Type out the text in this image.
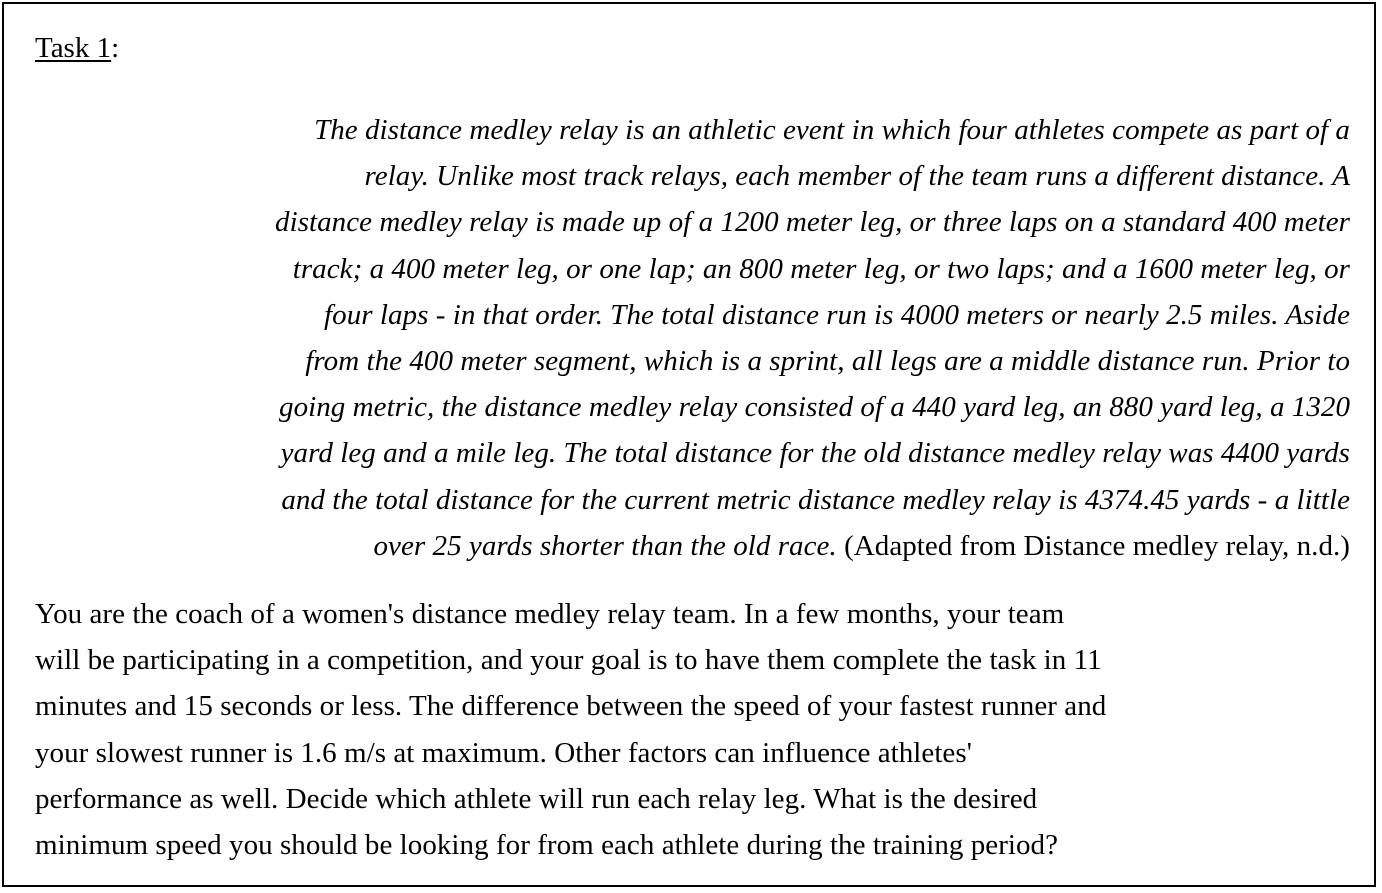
Task 1:
The distance medley relay is an athletic event in which four athletes compete as part of a
relay. Unlike most track relays, each member of the team runs a different distance. A
distance medley relay is made up of a 1200 meter leg, or three laps on a standard 400 meter
track; a 400 meter leg, or one lap; an 800 meter leg, or two laps; and a 1600 meter leg, or
four laps - in that order. The total distance run is 4000 meters or nearly 2.5 miles. Aside
from the 400 meter segment, which is a sprint, all legs are a middle distance run. Prior to
going metric, the distance medley relay consisted of a 440 yard leg, an 880 yard leg, a 1320
yard leg and a mile leg. The total distance for the old distance medley relay was 4400 yards
and the total distance for the current metric distance medley relay is 4374.45 yards - a little
over 25 yards shorter than the old race. (Adapted from Distance medley relay, n.d.)
You are the coach of a women's distance medley relay team. In a few months, your team
will be participating in a competition, and your goal is to have them complete the task in 11
minutes and 15 seconds or less. The difference between the speed of your fastest runner and
your slowest runner is 1.6 m/s at maximum. Other factors can influence athletes'
performance as well. Decide which athlete will run each relay leg. What is the desired
minimum speed you should be looking for from each athlete during the training period?
